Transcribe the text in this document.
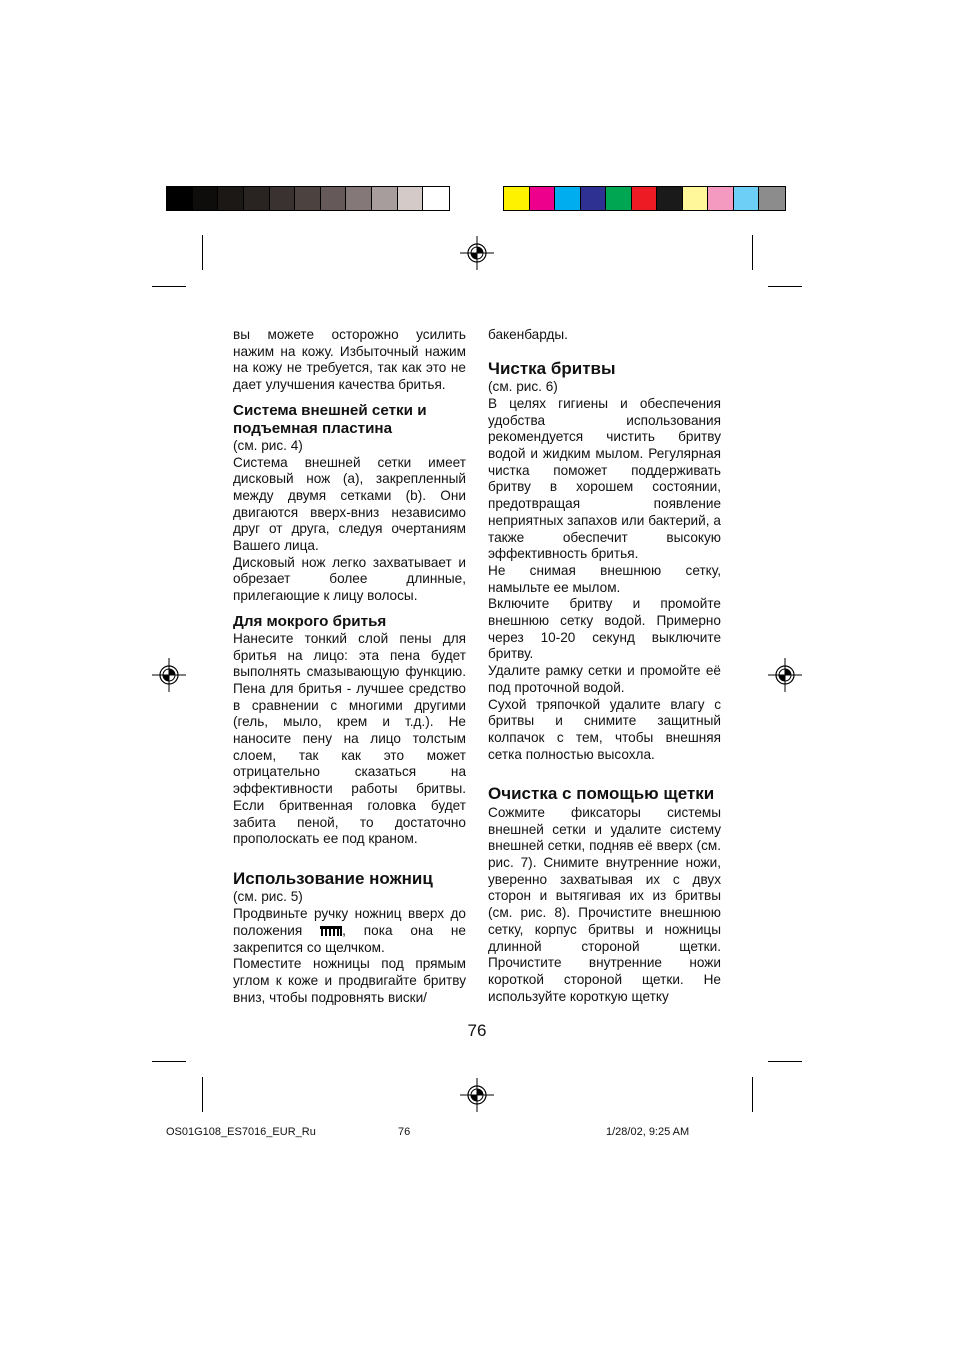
вы можете осторожно усилить нажим на кожу. Избыточный нажим на кожу не требуется, так как это не дает улучшения качества бритья.

Система внешней сетки и подъемная пластина

(см. рис. 4)

Система внешней сетки имеет дисковый нож (а), закрепленный между двумя сетками (b). Они двигаются вверх-вниз независимо друг от друга, следуя очертаниям Вашего лица.

Дисковый нож легко захватывает и обрезает более длинные, прилегающие к лицу волосы.

Для мокрого бритья

Нанесите тонкий слой пены для бритья на лицо: эта пена будет выполнять смазывающую функцию. Пена для бритья - лучшее средство в сравнении с многими другими (гель, мыло, крем и т.д.). Не наносите пену на лицо толстым слоем, так как это может отрицательно сказаться на эффективности работы бритвы. Если бритвенная головка будет забита пеной, то достаточно прополоскать ее под краном.

Использование ножниц

(см. рис. 5)

Продвиньте ручку ножниц вверх до положения , пока она не закрепится со щелчком.

Поместите ножницы под прямым углом к коже и продвигайте бритву вниз, чтобы подровнять виски/

бакенбарды.

Чистка бритвы

(см. рис. 6)

В целях гигиены и обеспечения удобства использования рекомендуется чистить бритву водой и жидким мылом. Регулярная чистка поможет поддерживать бритву в хорошем состоянии, предотвращая появление неприятных запахов или бактерий, а также обеспечит высокую эффективность бритья.

Не снимая внешнюю сетку, намыльте ее мылом.

Включите бритву и промойте внешнюю сетку водой. Примерно через 10-20 секунд выключите бритву.

Удалите рамку сетки и промойте её под проточной водой.

Сухой тряпочкой удалите влагу с бритвы и снимите защитный колпачок с тем, чтобы внешняя сетка полностью высохла.

Очистка с помощью щетки

Сожмите фиксаторы системы внешней сетки и удалите систему внешней сетки, подняв её вверх (см. рис. 7). Снимите внутренние ножи, уверенно захватывая их с двух сторон и вытягивая их из бритвы (см. рис. 8). Прочистите внешнюю сетку, корпус бритвы и ножницы длинной стороной щетки. Прочистите внутренние ножи короткой стороной щетки. Не используйте короткую щетку

76
OS01G108_ES7016_EUR_Ru	76	1/28/02, 9:25 AM
